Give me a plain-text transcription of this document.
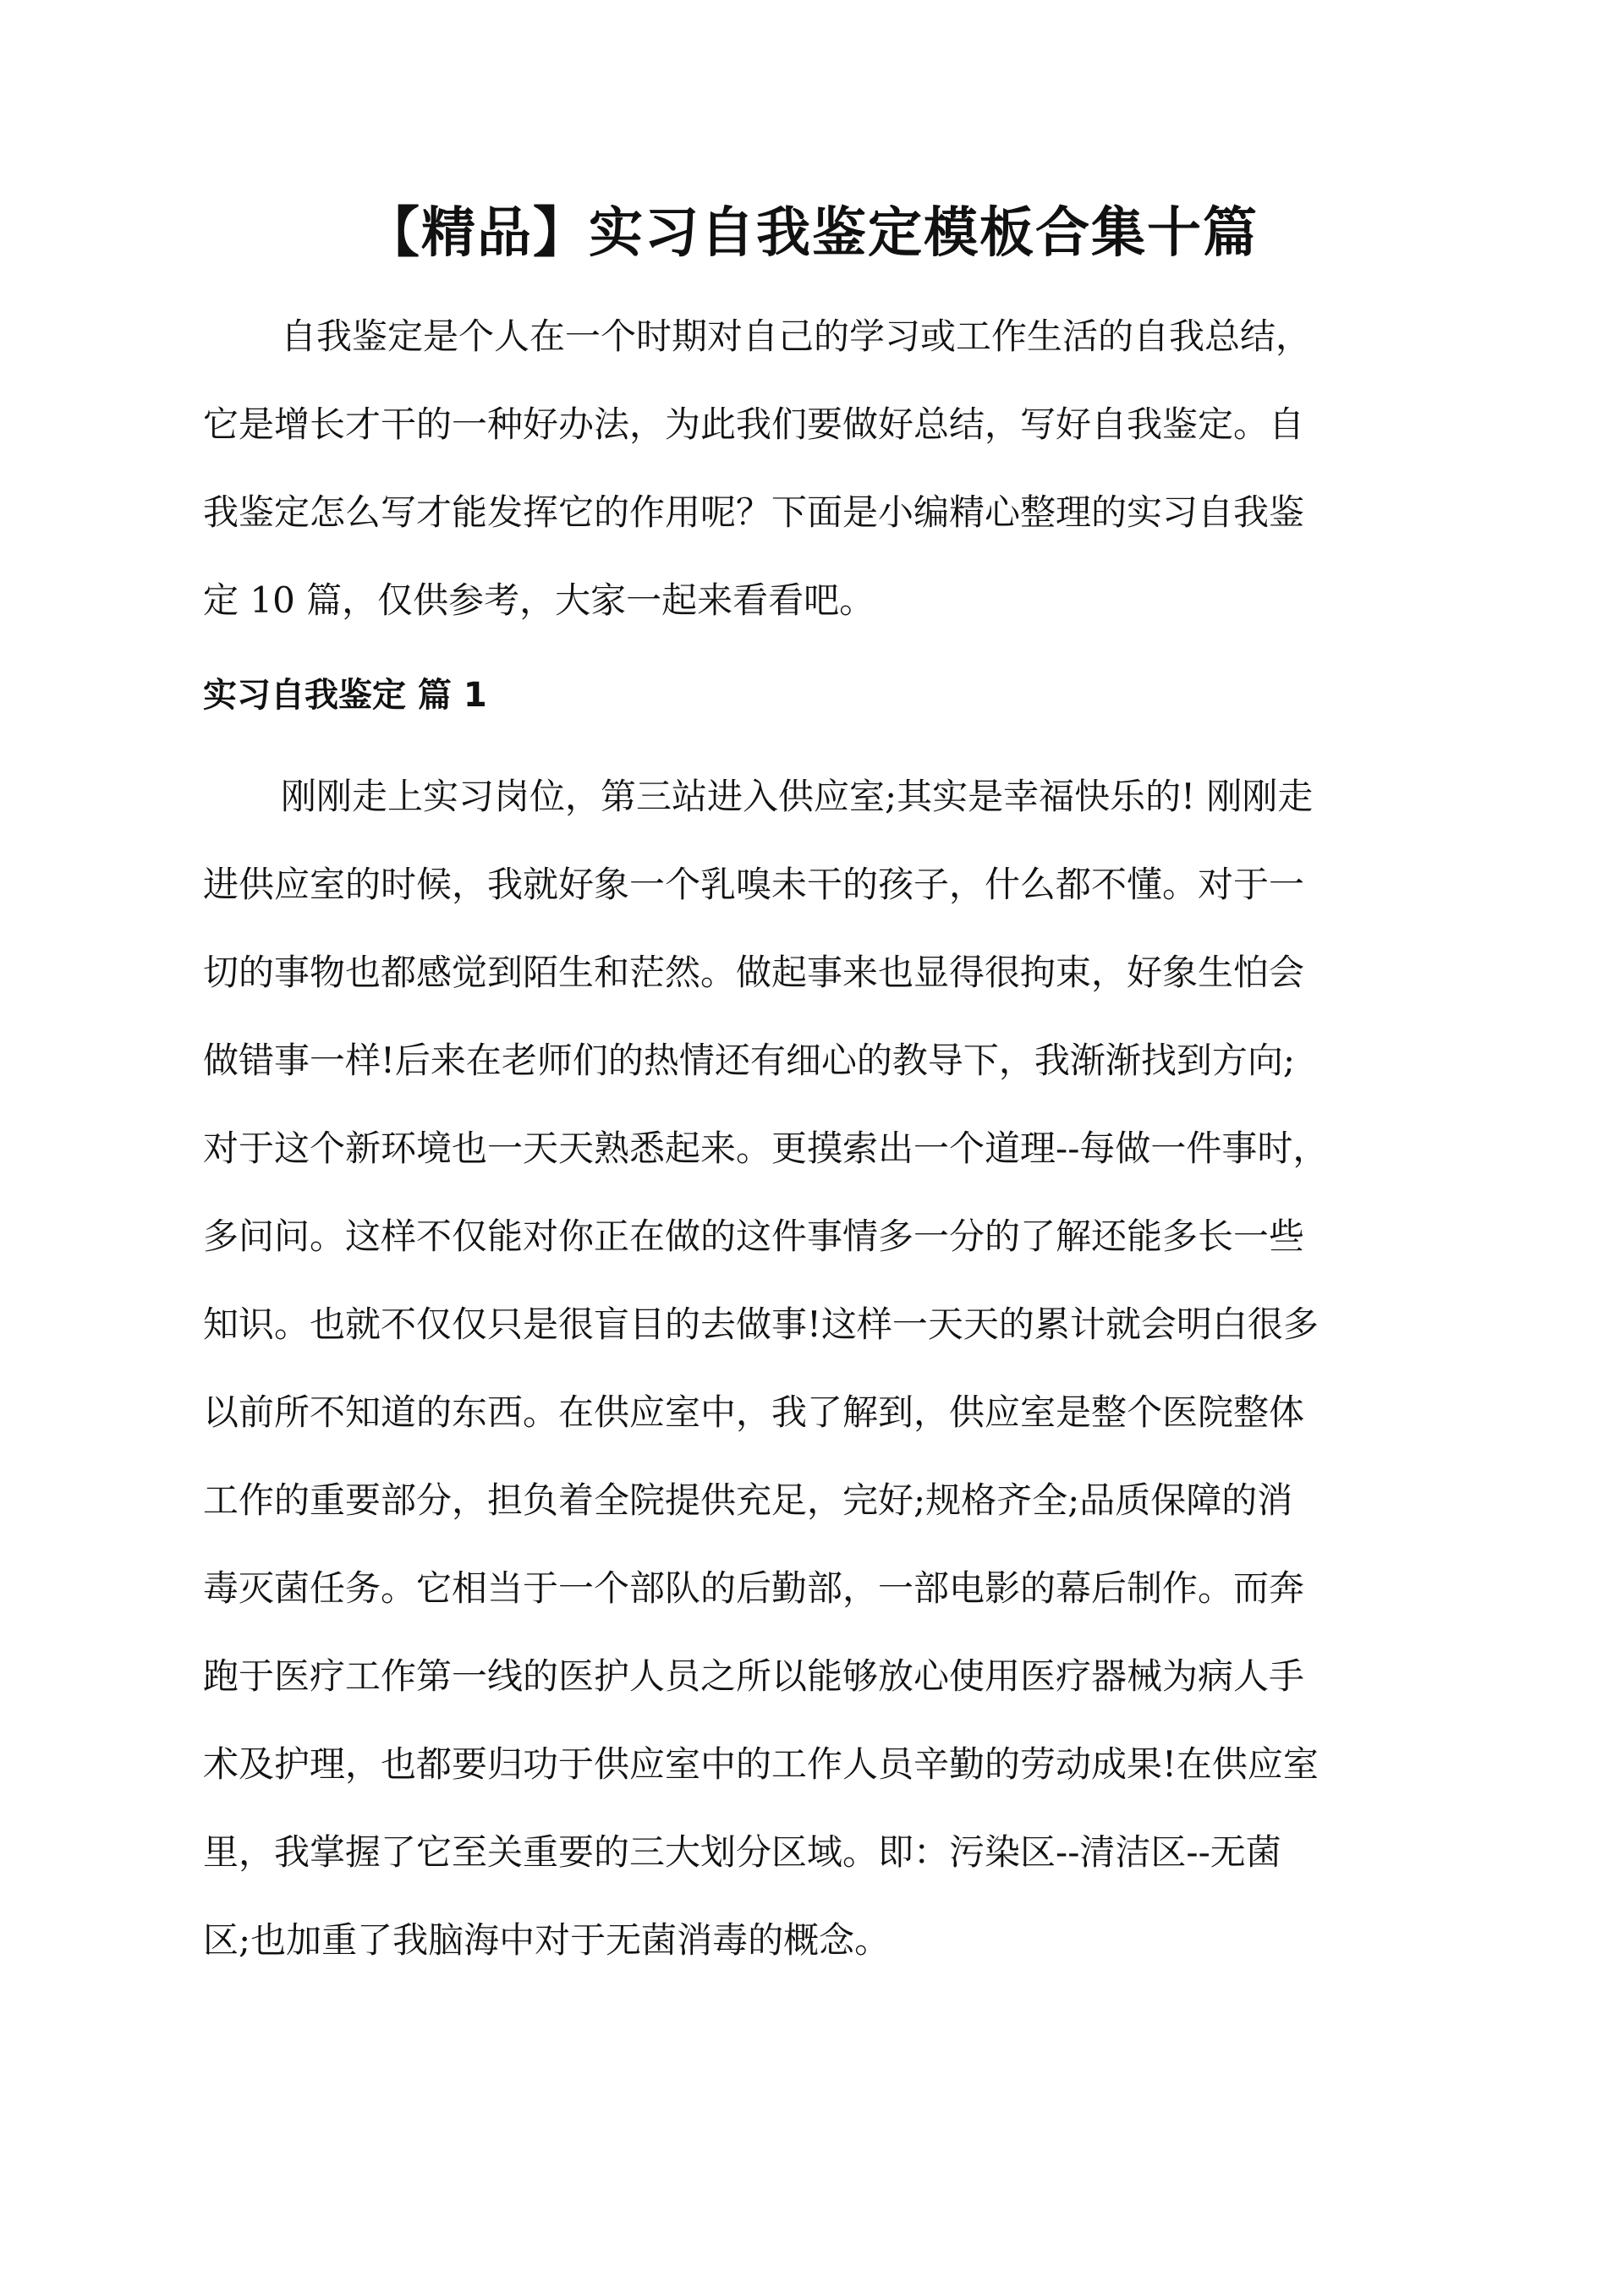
【精品】实习自我鉴定模板合集十篇
自我鉴定是个人在一个时期对自己的学习或工作生活的自我总结，
它是增长才干的一种好办法，为此我们要做好总结，写好自我鉴定。自
我鉴定怎么写才能发挥它的作用呢？下面是小编精心整理的实习自我鉴
定 10 篇，仅供参考，大家一起来看看吧。
实习自我鉴定 篇 1
刚刚走上实习岗位，第三站进入供应室;其实是幸福快乐的! 刚刚走
进供应室的时候，我就好象一个乳嗅未干的孩子，什么都不懂。对于一
切的事物也都感觉到陌生和茫然。做起事来也显得很拘束，好象生怕会
做错事一样!后来在老师们的热情还有细心的教导下，我渐渐找到方向;
对于这个新环境也一天天熟悉起来。更摸索出一个道理--每做一件事时，
多问问。这样不仅能对你正在做的这件事情多一分的了解还能多长一些
知识。也就不仅仅只是很盲目的去做事!这样一天天的累计就会明白很多
以前所不知道的东西。在供应室中，我了解到，供应室是整个医院整体
工作的重要部分，担负着全院提供充足，完好;规格齐全;品质保障的消
毒灭菌任务。它相当于一个部队的后勤部，一部电影的幕后制作。而奔
跑于医疗工作第一线的医护人员之所以能够放心使用医疗器械为病人手
术及护理，也都要归功于供应室中的工作人员辛勤的劳动成果!在供应室
里，我掌握了它至关重要的三大划分区域。即：污染区--清洁区--无菌
区;也加重了我脑海中对于无菌消毒的概念。
